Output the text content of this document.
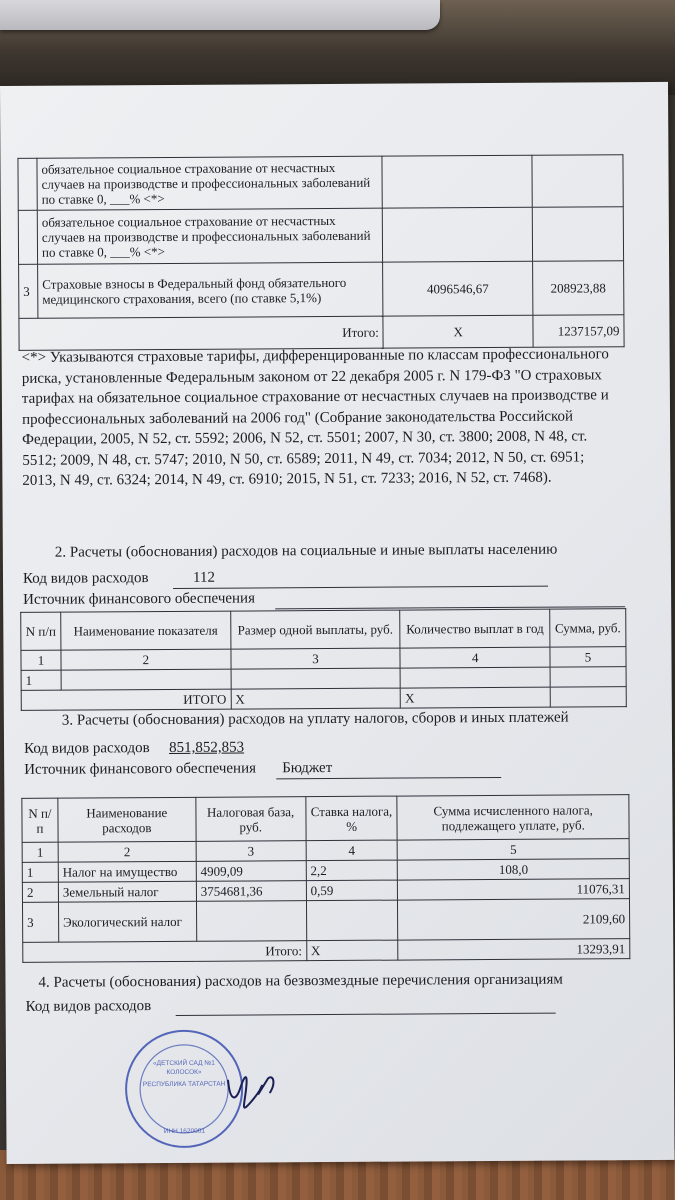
	обязательное социальное страхование от несчастных случаев на производстве и профессиональных заболеваний по ставке 0, ___% <*>		
	обязательное социальное страхование от несчастных случаев на производстве и профессиональных заболеваний по ставке 0, ___% <*>		
3	Страховые взносы в Федеральный фонд обязательного медицинского страхования, всего (по ставке 5,1%)	4096546,67	208923,88
Итого:		Х	1237157,09

<*> Указываются страховые тарифы, дифференцированные по классам профессионального риска, установленные Федеральным законом от 22 декабря 2005 г. N 179-ФЗ "О страховых тарифах на обязательное социальное страхование от несчастных случаев на производстве и профессиональных заболеваний на 2006 год" (Собрание законодательства Российской Федерации, 2005, N 52, ст. 5592; 2006, N 52, ст. 5501; 2007, N 30, ст. 3800; 2008, N 48, ст. 5512; 2009, N 48, ст. 5747; 2010, N 50, ст. 6589; 2011, N 49, ст. 7034; 2012, N 50, ст. 6951; 2013, N 49, ст. 6324; 2014, N 49, ст. 6910; 2015, N 51, ст. 7233; 2016, N 52, ст. 7468).

2. Расчеты (обоснования) расходов на социальные и иные выплаты населению
Код видов расходов	112
Источник финансового обеспечения
N п/п	Наименование показателя	Размер одной выплаты, руб.	Количество выплат в год	Сумма, руб.
1	2	3	4	5
1				
ИТОГО		Х	Х	
3. Расчеты (обоснования) расходов на уплату налогов, сборов и иных платежей
Код видов расходов 851,852,853
Источник финансового обеспечения Бюджет
N п/п	Наименование расходов	Налоговая база, руб.	Ставка налога, %	Сумма исчисленного налога, подлежащего уплате, руб.
1	2	3	4	5
1	Налог на имущество	4909,09	2,2	108,0
2	Земельный налог	3754681,36	0,59	11076,31
3	Экологический налог			2109,60
Итого:			Х	13293,91
4. Расчеты (обоснования) расходов на безвозмездные перечисления организациям
Код видов расходов
«ДЕТСКИЙ САД №1
КОЛОСОК»
РЕСПУБЛИКА ТАТАРСТАН
ИНН 1620001
